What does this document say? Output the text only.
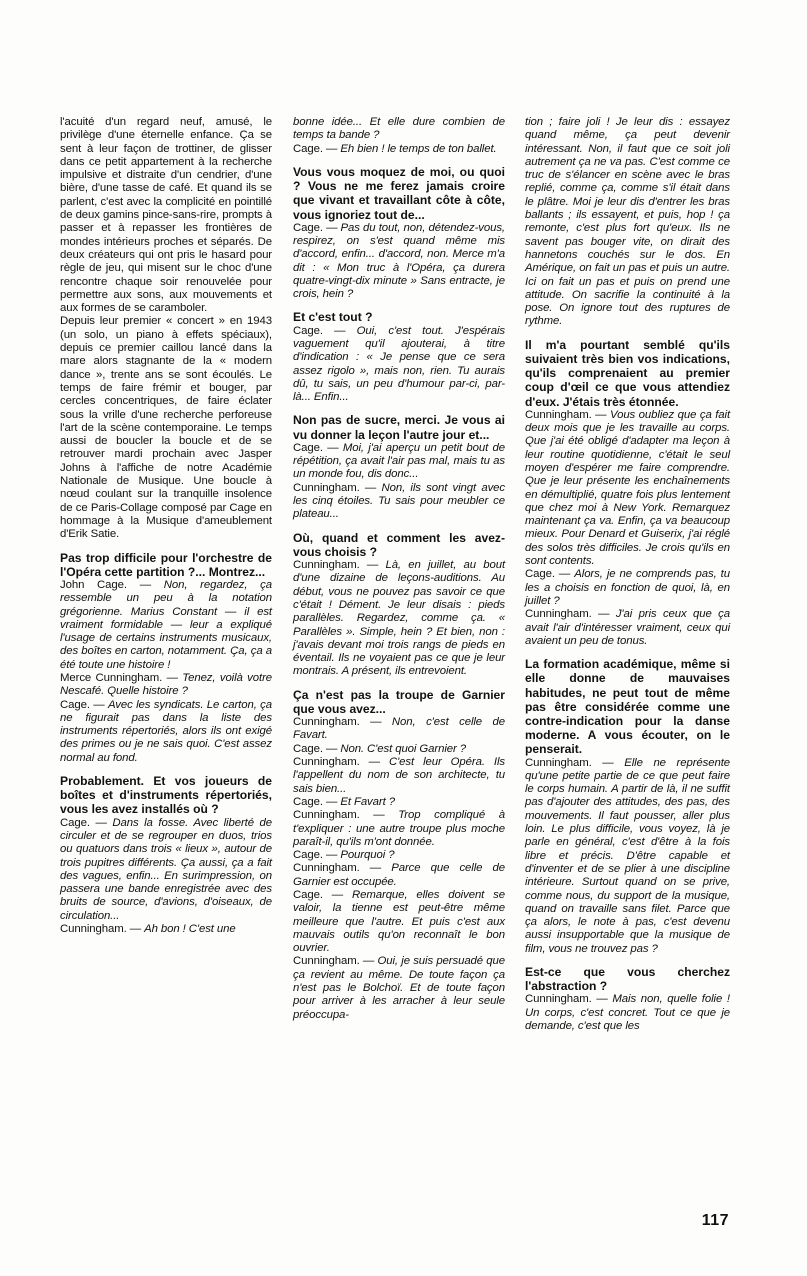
l'acuité d'un regard neuf, amusé, le privilège d'une éternelle enfance. Ça se sent à leur façon de trottiner, de glisser dans ce petit appartement à la recherche impulsive et distraite d'un cendrier, d'une bière, d'une tasse de café. Et quand ils se parlent, c'est avec la complicité en pointillé de deux gamins pince-sans-rire, prompts à passer et à repasser les frontières de mondes intérieurs proches et séparés. De deux créateurs qui ont pris le hasard pour règle de jeu, qui misent sur le choc d'une rencontre chaque soir renouvelée pour permettre aux sons, aux mouvements et aux formes de se caramboler.

Depuis leur premier « concert » en 1943 (un solo, un piano à effets spéciaux), depuis ce premier caillou lancé dans la mare alors stagnante de la « modern dance », trente ans se sont écoulés. Le temps de faire frémir et bouger, par cercles concentriques, de faire éclater sous la vrille d'une recherche perforeuse l'art de la scène contemporaine. Le temps aussi de boucler la boucle et de se retrouver mardi prochain avec Jasper Johns à l'affiche de notre Académie Nationale de Musique. Une boucle à nœud coulant sur la tranquille insolence de ce Paris-Collage composé par Cage en hommage à la Musique d'ameublement d'Erik Satie.

Pas trop difficile pour l'orchestre de l'Opéra cette partition ?... Montrez...

John Cage. — Non, regardez, ça ressemble un peu à la notation grégorienne. Marius Constant — il est vraiment formidable — leur a expliqué l'usage de certains instruments musicaux, des boîtes en carton, notamment. Ça, ça a été toute une histoire !

Merce Cunningham. — Tenez, voilà votre Nescafé. Quelle histoire ?

Cage. — Avec les syndicats. Le carton, ça ne figurait pas dans la liste des instruments répertoriés, alors ils ont exigé des primes ou je ne sais quoi. C'est assez normal au fond.

Probablement. Et vos joueurs de boîtes et d'instruments répertoriés, vous les avez installés où ?

Cage. — Dans la fosse. Avec liberté de circuler et de se regrouper en duos, trios ou quatuors dans trois « lieux », autour de trois pupitres différents. Ça aussi, ça a fait des vagues, enfin... En surimpression, on passera une bande enregistrée avec des bruits de source, d'avions, d'oiseaux, de circulation...

Cunningham. — Ah bon ! C'est une

bonne idée... Et elle dure combien de temps ta bande ?

Cage. — Eh bien ! le temps de ton ballet.

Vous vous moquez de moi, ou quoi ? Vous ne me ferez jamais croire que vivant et travaillant côte à côte, vous ignoriez tout de...

Cage. — Pas du tout, non, détendez-vous, respirez, on s'est quand même mis d'accord, enfin... d'accord, non. Merce m'a dit : « Mon truc à l'Opéra, ça durera quatre-vingt-dix minute » Sans entracte, je crois, hein ?

Et c'est tout ?

Cage. — Oui, c'est tout. J'espérais vaguement qu'il ajouterai, à titre d'indication : « Je pense que ce sera assez rigolo », mais non, rien. Tu aurais dû, tu sais, un peu d'humour par-ci, par-là... Enfin...

Non pas de sucre, merci. Je vous ai vu donner la leçon l'autre jour et...

Cage. — Moi, j'ai aperçu un petit bout de répétition, ça avait l'air pas mal, mais tu as un monde fou, dis donc...

Cunningham. — Non, ils sont vingt avec les cinq étoiles. Tu sais pour meubler ce plateau...

Où, quand et comment les avez-vous choisis ?

Cunningham. — Là, en juillet, au bout d'une dizaine de leçons-auditions. Au début, vous ne pouvez pas savoir ce que c'était ! Dément. Je leur disais : pieds parallèles. Regardez, comme ça. « Parallèles ». Simple, hein ? Et bien, non : j'avais devant moi trois rangs de pieds en éventail. Ils ne voyaient pas ce que je leur montrais. A présent, ils entrevoient.

Ça n'est pas la troupe de Garnier que vous avez...

Cunningham. — Non, c'est celle de Favart.

Cage. — Non. C'est quoi Garnier ?

Cunningham. — C'est leur Opéra. Ils l'appellent du nom de son architecte, tu sais bien...

Cage. — Et Favart ?

Cunningham. — Trop compliqué à t'expliquer : une autre troupe plus moche paraît-il, qu'ils m'ont donnée.

Cage. — Pourquoi ?

Cunningham. — Parce que celle de Garnier est occupée.

Cage. — Remarque, elles doivent se valoir, la tienne est peut-être même meilleure que l'autre. Et puis c'est aux mauvais outils qu'on reconnaît le bon ouvrier.

Cunningham. — Oui, je suis persuadé que ça revient au même. De toute façon ça n'est pas le Bolchoï. Et de toute façon pour arriver à les arracher à leur seule préoccupa-

tion ; faire joli ! Je leur dis : essayez quand même, ça peut devenir intéressant. Non, il faut que ce soit joli autrement ça ne va pas. C'est comme ce truc de s'élancer en scène avec le bras replié, comme ça, comme s'il était dans le plâtre. Moi je leur dis d'entrer les bras ballants ; ils essayent, et puis, hop ! ça remonte, c'est plus fort qu'eux. Ils ne savent pas bouger vite, on dirait des hannetons couchés sur le dos. En Amérique, on fait un pas et puis un autre. Ici on fait un pas et puis on prend une attitude. On sacrifie la continuité à la pose. On ignore tout des ruptures de rythme.

Il m'a pourtant semblé qu'ils suivaient très bien vos indications, qu'ils comprenaient au premier coup d'œil ce que vous attendiez d'eux. J'étais très étonnée.

Cunningham. — Vous oubliez que ça fait deux mois que je les travaille au corps. Que j'ai été obligé d'adapter ma leçon à leur routine quotidienne, c'était le seul moyen d'espérer me faire comprendre. Que je leur présente les enchaînements en démultiplié, quatre fois plus lentement que chez moi à New York. Remarquez maintenant ça va. Enfin, ça va beaucoup mieux. Pour Denard et Guiserix, j'ai réglé des solos très difficiles. Je crois qu'ils en sont contents.

Cage. — Alors, je ne comprends pas, tu les a choisis en fonction de quoi, là, en juillet ?

Cunningham. — J'ai pris ceux que ça avait l'air d'intéresser vraiment, ceux qui avaient un peu de tonus.

La formation académique, même si elle donne de mauvaises habitudes, ne peut tout de même pas être considérée comme une contre-indication pour la danse moderne. A vous écouter, on le penserait.

Cunningham. — Elle ne représente qu'une petite partie de ce que peut faire le corps humain. A partir de là, il ne suffit pas d'ajouter des attitudes, des pas, des mouvements. Il faut pousser, aller plus loin. Le plus difficile, vous voyez, là je parle en général, c'est d'être à la fois libre et précis. D'être capable et d'inventer et de se plier à une discipline intérieure. Surtout quand on se prive, comme nous, du support de la musique, quand on travaille sans filet. Parce que ça alors, le note à pas, c'est devenu aussi insupportable que la musique de film, vous ne trouvez pas ?

Est-ce que vous cherchez l'abstraction ?

Cunningham. — Mais non, quelle folie ! Un corps, c'est concret. Tout ce que je demande, c'est que les

117
